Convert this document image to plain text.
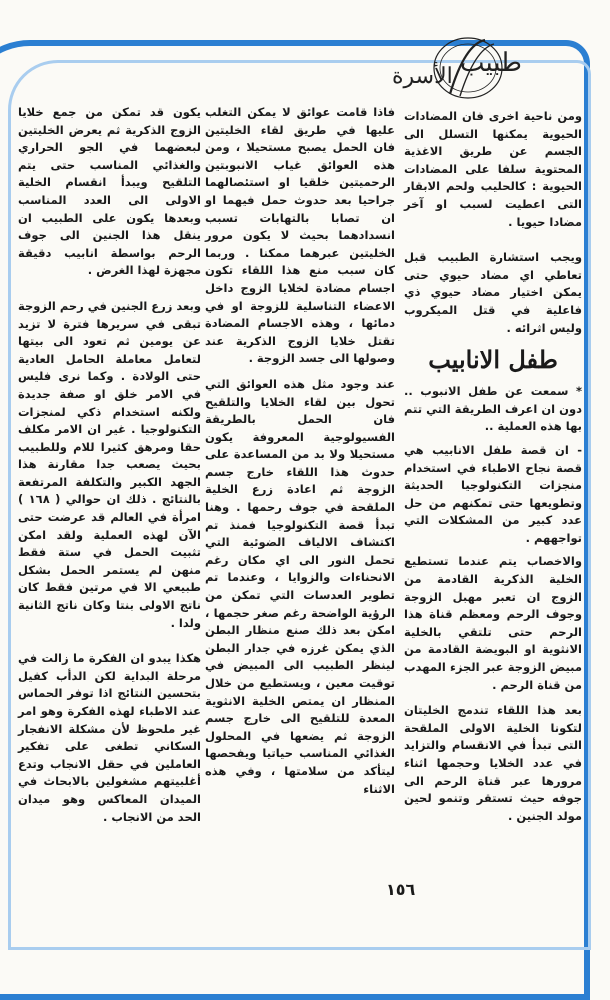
طبيب
الأسرة

ومن ناحية اخرى فان المضادات الحيوية يمكنها التسلل الى الجسم عن طريق الاغذية المحتوية سلفا على المضادات الحيوية : كالحليب ولحم الابقار التى اعطيت لسبب او آخر مضادا حيويا .

ويجب استشارة الطبيب قبل تعاطي اي مضاد حيوي حتى يمكن اختيار مضاد حيوي ذي فاعلية في قتل الميكروب وليس اثرائه .

طفل الانابيب

* سمعت عن طفل الانبوب .. دون ان اعرف الطريقة التي تتم بها هذه العملية ..

- ان قصة طفل الانابيب هي قصة نجاح الاطباء في استخدام منجزات التكنولوجيا الحديثة وتطويعها حتى تمكنهم من حل عدد كبير من المشكلات التي تواجههم .

والاخصاب يتم عندما تستطيع الخلية الذكرية القادمة من الزوج ان تعبر مهبل الزوجة وجوف الرحم ومعظم قناة هذا الرحم حتى تلتقي بالخلية الانثوية او البويضة القادمة من مبيض الزوجة عبر الجزء المهدب من قناة الرحم .

بعد هذا اللقاء تندمج الخليتان لتكونا الخلية الاولى الملقحة التى تبدأ في الانقسام والتزايد في عدد الخلايا وحجمها اثناء مرورها عبر قناة الرحم الى جوفه حيث تستقر وتنمو لحين مولد الجنين .

فاذا قامت عوائق لا يمكن التغلب عليها في طريق لقاء الخليتين فان الحمل يصبح مستحيلا ، ومن هذه العوائق غياب الانبوبتين الرحميتين خلقيا او استئصالهما جراحيا بعد حدوث حمل فيهما او ان تصابا بالتهابات تسبب انسدادهما بحيث لا يكون مرور الخليتين عبرهما ممكنا . وربما كان سبب منع هذا اللقاء تكون اجسام مضادة لخلايا الزوج داخل الاعضاء التناسلية للزوجة او في دمائها ، وهذه الاجسام المضادة تقتل خلايا الزوج الذكرية عند وصولها الى جسد الزوجة .

عند وجود مثل هذه العوائق التي تحول بين لقاء الخلايا والتلقيح فان الحمل بالطريقة الفسيولوجية المعروفة يكون مستحيلا ولا بد من المساعدة على حدوث هذا اللقاء خارج جسم الزوجة ثم اعادة زرع الخلية الملقحة في جوف رحمها . وهنا تبدأ قصة التكنولوجيا فمنذ تم اكتشاف الالياف الضوئية التي تحمل النور الى اي مكان رغم الانحناءات والزوايا ، وعندما تم تطوير العدسات التي تمكن من الرؤية الواضحة رغم صغر حجمها ، امكن بعد ذلك صنع منظار البطن الذي يمكن غرزه في جدار البطن لينظر الطبيب الى المبيض في توقيت معين ، ويستطيع من خلال المنظار ان يمتص الخلية الانثوية المعدة للتلقيح الى خارج جسم الزوجة ثم يضعها في المحلول الغذائي المناسب حياتيا ويفحصها ليتأكد من سلامتها ، وفي هذه الاثناء

يكون قد تمكن من جمع خلايا الزوج الذكرية ثم يعرض الخليتين لبعضهما في الجو الحراري والغذائي المناسب حتى يتم التلقيح ويبدأ انقسام الخلية الاولى الى العدد المناسب وبعدها يكون على الطبيب ان ينقل هذا الجنين الى جوف الرحم بواسطة انابيب دقيقة مجهزة لهذا الغرض .

وبعد زرع الجنين في رحم الزوجة تبقى في سريرها فترة لا تزيد عن يومين ثم تعود الى بيتها لتعامل معاملة الحامل العادية حتى الولادة . وكما نرى فليس في الامر خلق او صفة جديدة ولكنه استخدام ذكي لمنجزات التكنولوجيا . غير ان الامر مكلف حقا ومرهق كثيرا للام وللطبيب بحيث يصعب جدا مقارنة هذا الجهد الكبير والتكلفة المرتفعة بالنتائج . ذلك ان حوالي ( ١٦٨ ) امرأة في العالم قد عرضت حتى الآن لهذه العملية ولقد امكن تثبيت الحمل في ستة فقط منهن لم يستمر الحمل بشكل طبيعي الا في مرتين فقط كان ناتج الاولى بنتا وكان ناتج الثانية ولدا .

هكذا يبدو ان الفكرة ما زالت في مرحلة البداية لكن الدأب كفيل بتحسين النتائج اذا توفر الحماس عند الاطباء لهذه الفكرة وهو امر غير ملحوظ لأن مشكلة الانفجار السكاني تطغى على تفكير العاملين في حقل الانجاب وتدع أغلبيتهم مشغولين بالابحاث في الميدان المعاكس وهو ميدان الحد من الانجاب .

١٥٦
